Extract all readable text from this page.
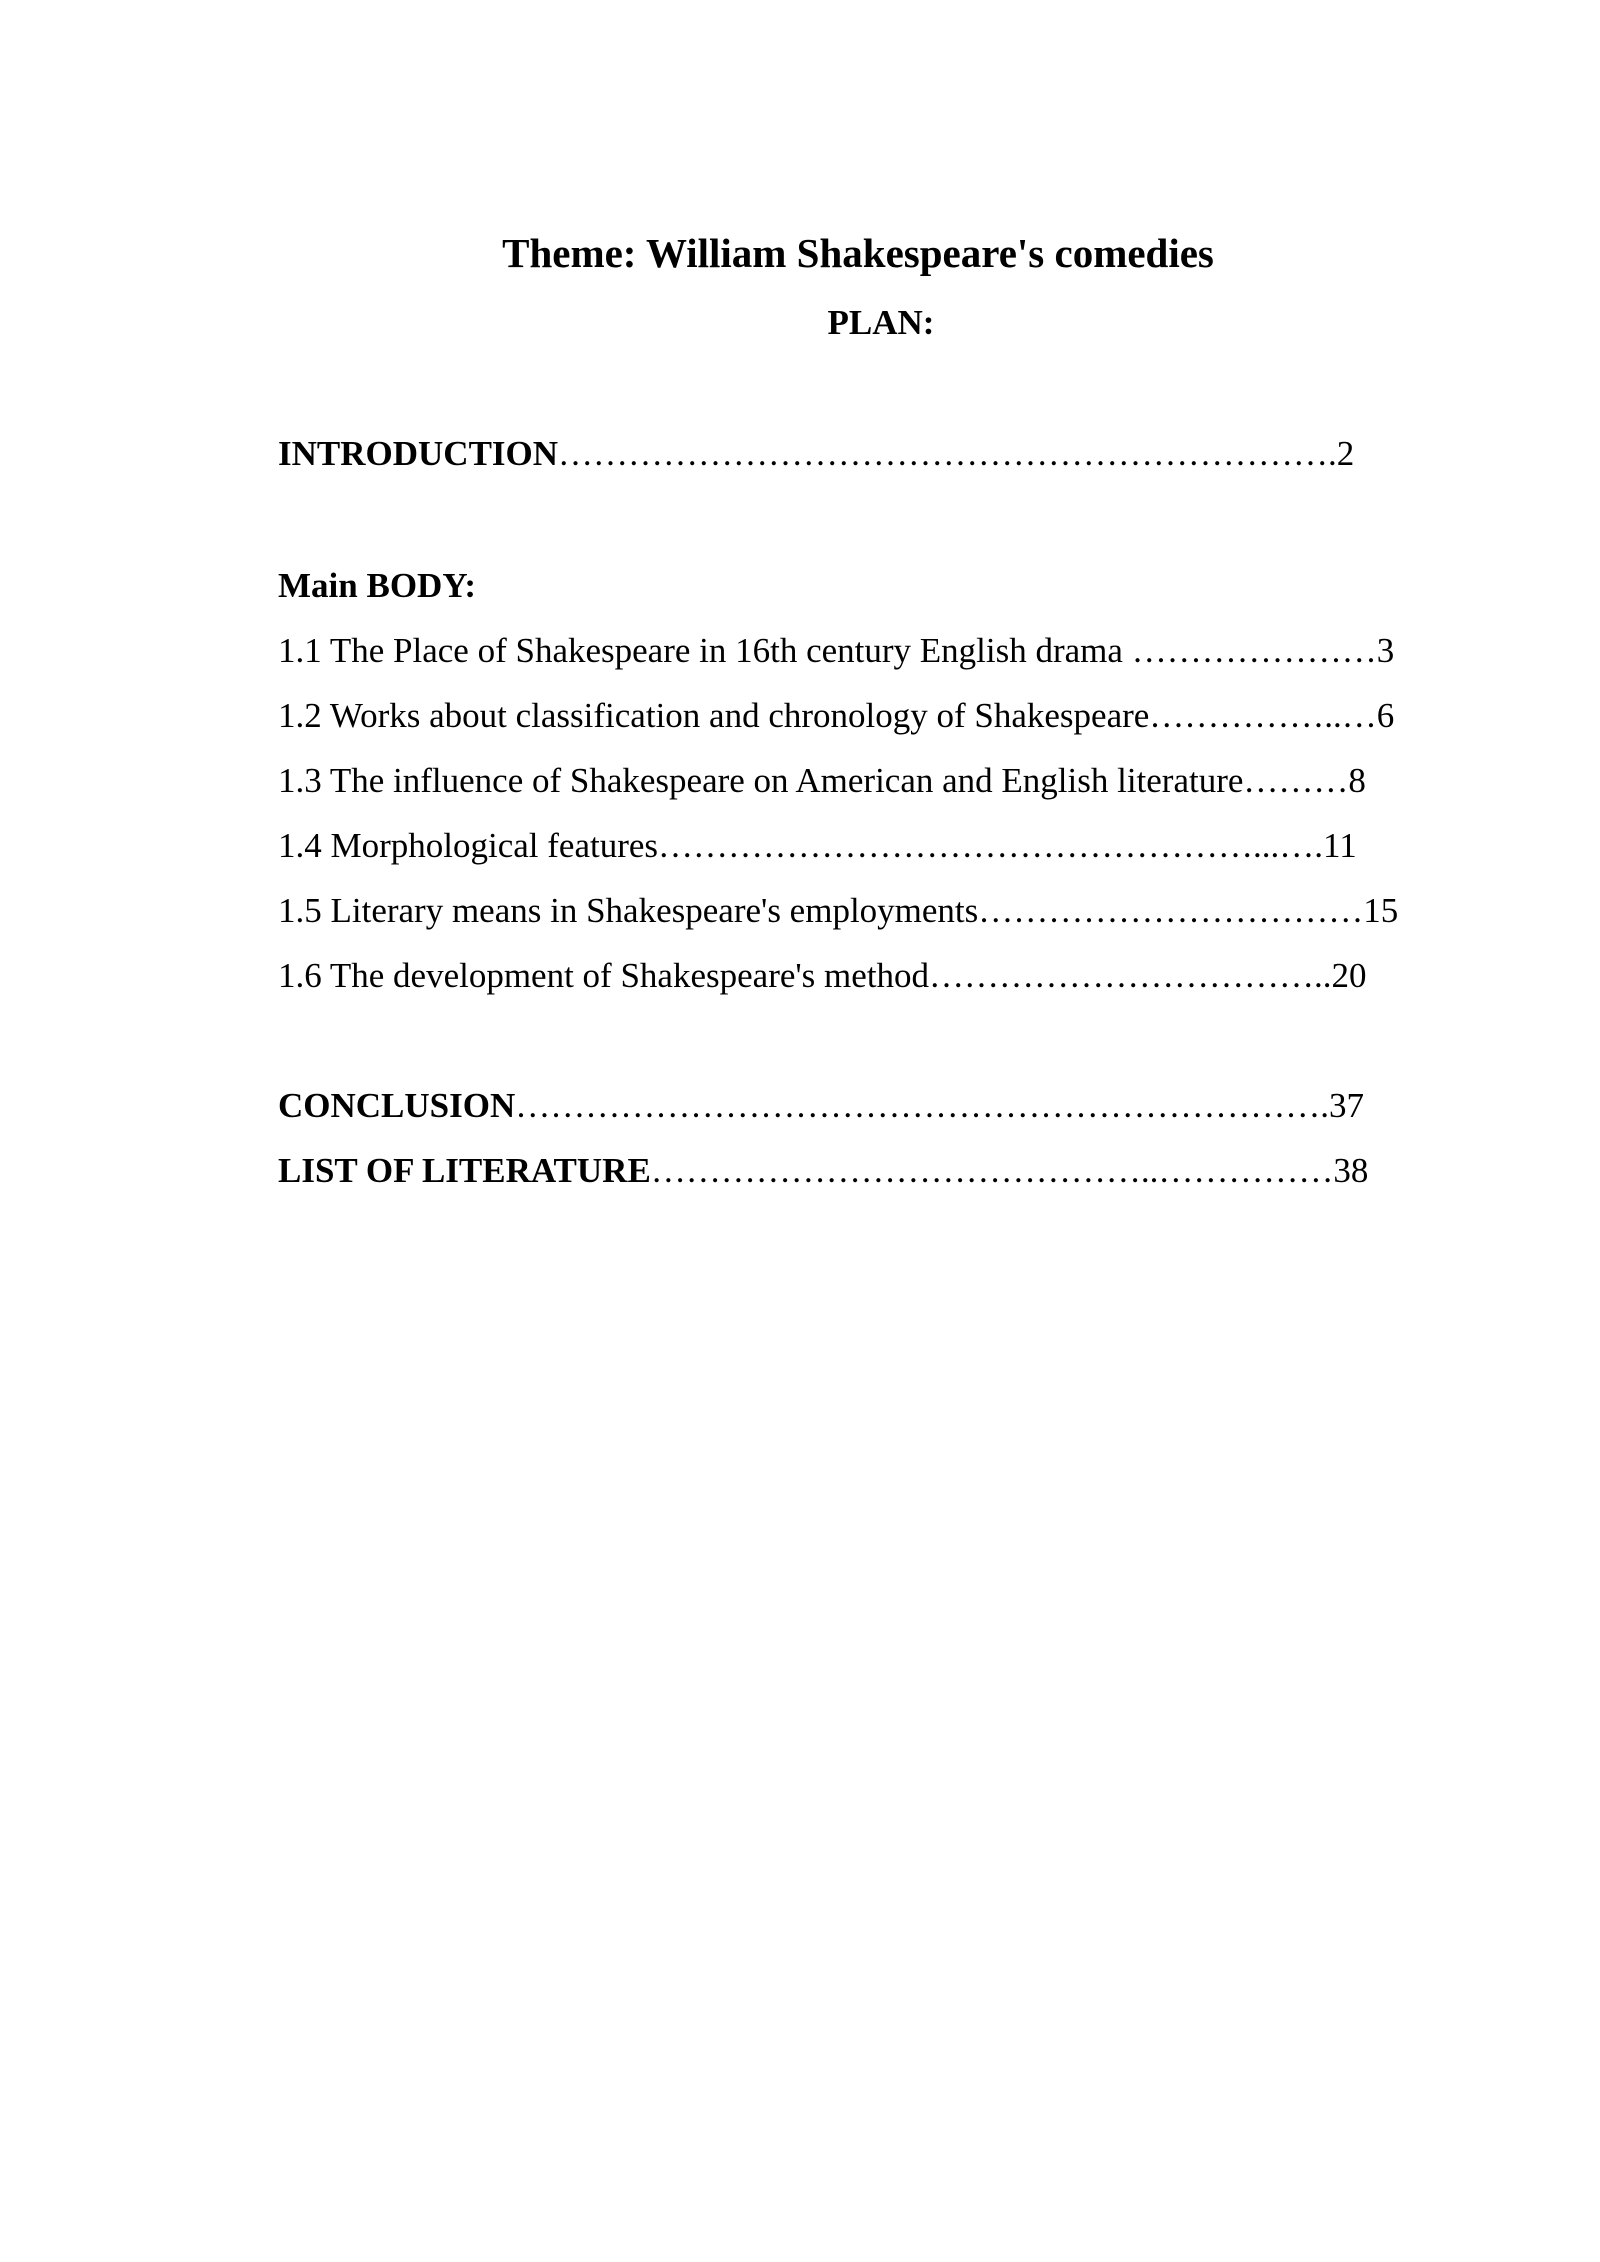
Theme: William Shakespeare's comedies
PLAN:

INTRODUCTION………………………………………………………….2

Main BODY:

1.1 The Place of Shakespeare in 16th century English drama …………………3

1.2 Works about classification and chronology of Shakespeare……………..…6

1.3 The influence of Shakespeare on American and English literature………8

1.4 Morphological features……………………………………………...….11

1.5 Literary means in Shakespeare's employments……………………………15

1.6 The development of Shakespeare's method……………………………..20

CONCLUSION…………………………………………………………….37

LIST OF LITERATURE……………………………………..……………38
